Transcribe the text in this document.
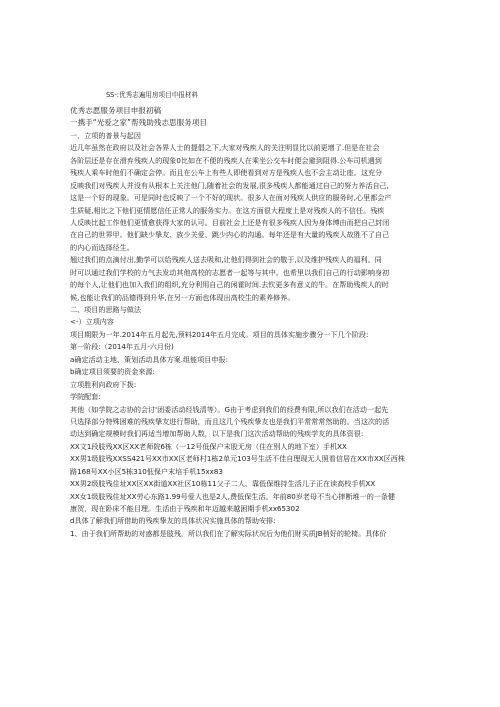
SS-:优秀志遍用房项目申报材料
优秀志愿服务项目申报初稿
一携手“光爱之家”帮残助残志思服务项目
一、立项的普景与起因
近几年虽然在政府以及社会各界人士的提倡之下,大家对残疾人的关注明显比以前更增了.但是在社会
各阶层还是存在滑弃残疾人的现象0比如在不便的残疾人在乘坐公交车时便会避到阻得.公车司机遇到
残疾人乘车时他们不确定会停。而且在公车上有些人即使看到对方是残疾人也不会主动让座。这充分
反映我们对残疾人并没有从根本上关注他门,随着社会的发展,很多残疾人都能通过自己的努力养活自己,
这是一个好的现象。可是同时也反映了一个不好的现状。很多人在面对残疾人供应的服务时,心里都会产
生质疑,相比之下他们更情愿信任正常人的服务实力。在这方面很大程度上是对残疾人的不信任。残疾
人反映比起工作他们更情愈获得大家的认可。目前社会上还是有很多残疾人因为身体缚由而把自己封闭
在自己的世界甲。他们缺少挚友、族少关爱、跳少内心的沟通。每年还是有大量的残疾人故胜不了自己
的内心而选择径生。
翘过我们的点滴付出,勤学可以给残疾人送去吸和,让他们得到社会的敬于,以及维护残疾人的福利。同
时可以通过我们学校的力气去发动其他高校的志愿者一起等与其中。也希里以我们自己的行动影响身初
的每个人,让他们也加入我们的组织,充分利用自己的闲霍时间.去钦更多有意义的牛。在帮助残疾人的时
候,也能让我们的品德得到升华,在另一方面也体现出高校生的素养修养。
二、项目的思路与做法
<-）立项内容
项目期限为一年.2014年五月起先,预料2014年五月完成。项目的具体实施步骤分一下几个阶段:
第一阶段:（2014年五月-六月份)
a确定活动主地、策划活动具体方案.组能项目申报:
b确定项目须要的资金来源:
立项胜利向政府下拨:
学院配套:
其他（如学院之志协的会讨'团委活动经钱清等）。G由于考虑到我们的经费有限,所以我们在活动一起先
只选择部分特殊困难的残疾挚友进行帮助，而且这几个残疾挚友也是我们平常常常然助的。当这次的活
动达到确定规模时我们再适当增加帮助人数，以下是我门这次活动帮助的残疾学友的具体资很:
XX文1段肢残XX区XX老师院6栋（一12号低保户末股无房（住在别人的地下室）手机XX
XX男1级肢残XXSS421号XX市XX区老师村1栋2单元103号生活不佳自理现无人照看信居在XX市XX区西株
路168号XX小区5栋310低保户末培手机15xx83
XX男2级肢残住址XX区XX街道XX社区10栋11父子二人、靠低保维持生活儿子正在读高校手机XX
XX女1级肢残住址XX劳心东路1.99号爱人也是2人,费低保生活。年前80岁老母不当心摔断堆一的一条健
康贺，现在卧床不能目理。生活由于残疾和年迈越来越困期手机xx65302
d具体了解我们所借助的残疾挚友的具体状况实施具体的帮助安排:
1、由于我们所帮助的对惑都是肢残，所以我们在了解实际状况后为他们财买质JB梢好的轮椅。具体价
